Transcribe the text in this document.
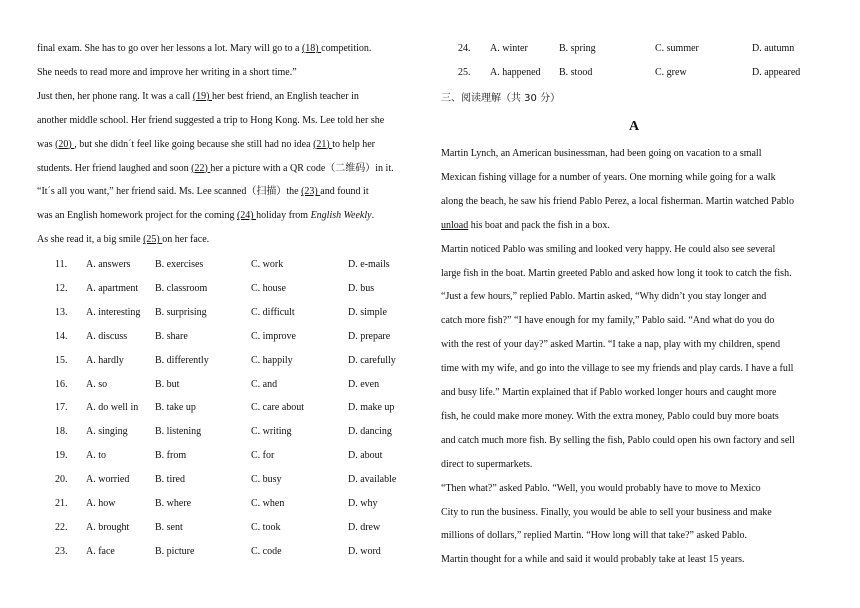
final exam. She has to go over her lessons a lot. Mary will go to a (18) competition.
She needs to read more and improve her writing in a short time.”
Just then, her phone rang. It was a call (19) her best friend, an English teacher in
another middle school. Her friend suggested a trip to Hong Kong. Ms. Lee told her she
was (20) , but she didn´t feel like going because she still had no idea (21) to help her
students. Her friend laughed and soon (22) her a picture with a QR code（二维码）in it.
“It´s all you want,” her friend said. Ms. Lee scanned（扫描）the (23) and found it
was an English homework project for the coming (24) holiday from English Weekly.
As she read it, a big smile (25) on her face.
11. A. answers B. exercises	C. work	D. e-mails
12. A. apartment B. classroom	C. house	D. bus
13. A. interesting B. surprising	C. difficult	D. simple
14. A. discuss	B. share	C. improve	D. prepare
15. A. hardly	B. differently	C. happily	D. carefully
16. A. so	B. but	C. and	D. even
17. A. do well in B. take up	C. care about	D. make up
18. A. singing	B. listening	C. writing	D. dancing
19. A. to	B. from	C. for	D. about
20. A. worried	B. tired	C. busy	D. available
21. A. how	B. where	C. when	D. why
22. A. brought	B. sent	C. took	D. drew
23. A. face	B. picture	C. code	D. word
24. A. winter	B. spring	C. summer	D. autumn
25. A. happened B. stood	C. grew	D. appeared
三、阅读理解（共 30 分）
A
Martin Lynch, an American businessman, had been going on vacation to a small
Mexican fishing village for a number of years. One morning while going for a walk
along the beach, he saw his friend Pablo Perez, a local fisherman. Martin watched Pablo
unload his boat and pack the fish in a box.
Martin noticed Pablo was smiling and looked very happy. He could also see several
large fish in the boat. Martin greeted Pablo and asked how long it took to catch the fish.
“Just a few hours,” replied Pablo. Martin asked, “Why didn’t you stay longer and
catch more fish?” “I have enough for my family,” Pablo said. “And what do you do
with the rest of your day?” asked Martin. “I take a nap, play with my children, spend
time with my wife, and go into the village to see my friends and play cards. I have a full
and busy life.” Martin explained that if Pablo worked longer hours and caught more
fish, he could make more money. With the extra money, Pablo could buy more boats
and catch much more fish. By selling the fish, Pablo could open his own factory and sell
direct to supermarkets.
“Then what?” asked Pablo. “Well, you would probably have to move to Mexico
City to run the business. Finally, you would be able to sell your business and make
millions of dollars,” replied Martin. “How long will that take?” asked Pablo.
Martin thought for a while and said it would probably take at least 15 years.
